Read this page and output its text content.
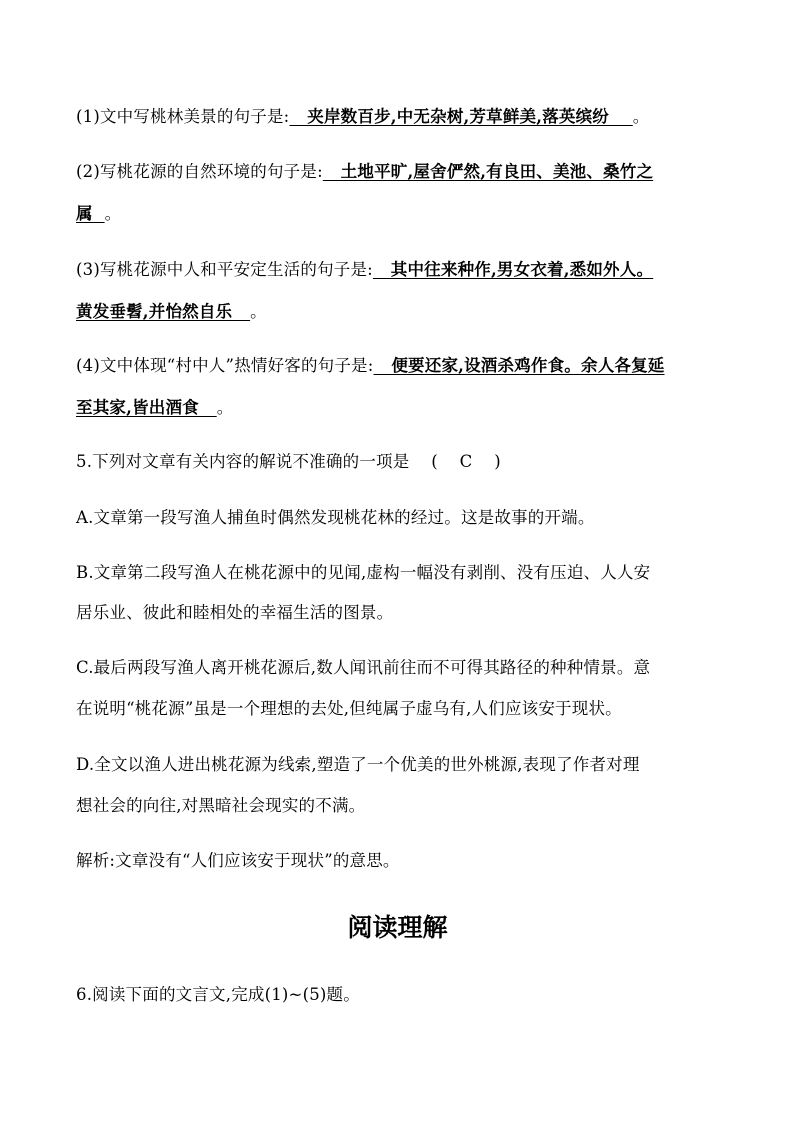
(1)文中写桃林美景的句子是:   夹岸数百步,中无杂树,芳草鲜美,落英缤纷    。
(2)写桃花源的自然环境的句子是:   土地平旷,屋舍俨然,有良田、美池、桑竹之
属  。
(3)写桃花源中人和平安定生活的句子是:   其中往来种作,男女衣着,悉如外人。
黄发垂髫,并怡然自乐   。
(4)文中体现“村中人”热情好客的句子是:   便要还家,设酒杀鸡作食。余人各复延
至其家,皆出酒食   。
5.下列对文章有关内容的解说不准确的一项是    (    C    )
A.文章第一段写渔人捕鱼时偶然发现桃花林的经过。这是故事的开端。
B.文章第二段写渔人在桃花源中的见闻,虚构一幅没有剥削、没有压迫、人人安
居乐业、彼此和睦相处的幸福生活的图景。
C.最后两段写渔人离开桃花源后,数人闻讯前往而不可得其路径的种种情景。意
在说明“桃花源”虽是一个理想的去处,但纯属子虚乌有,人们应该安于现状。
D.全文以渔人进出桃花源为线索,塑造了一个优美的世外桃源,表现了作者对理
想社会的向往,对黑暗社会现实的不满。
解析:文章没有“人们应该安于现状”的意思。
阅读理解
6.阅读下面的文言文,完成(1)~(5)题。
